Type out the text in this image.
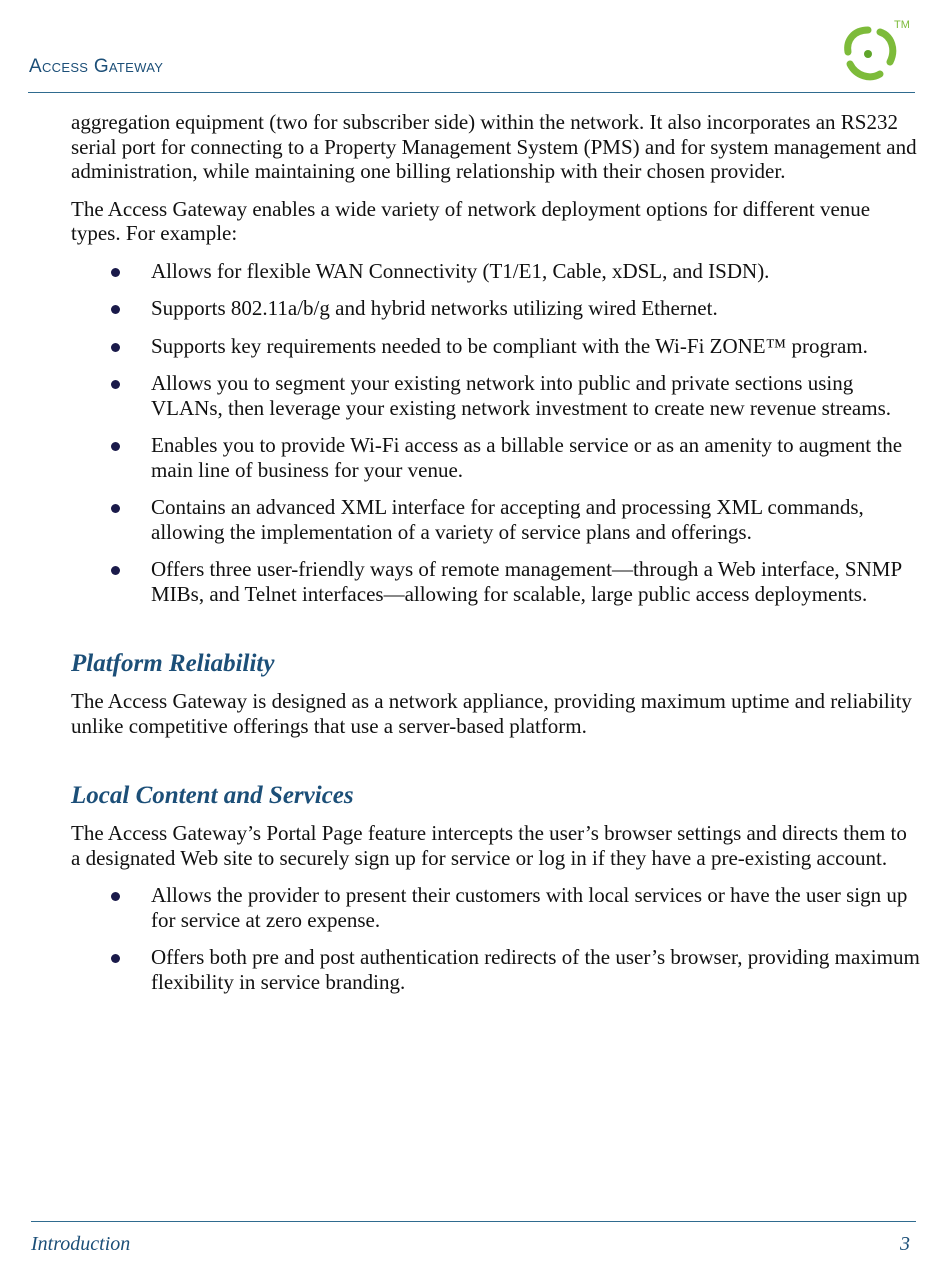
Access Gateway
TM

aggregation equipment (two for subscriber side) within the network. It also incorporates an RS232 serial port for connecting to a Property Management System (PMS) and for system management and administration, while maintaining one billing relationship with their chosen provider.

The Access Gateway enables a wide variety of network deployment options for different venue types. For example:

Allows for flexible WAN Connectivity (T1/E1, Cable, xDSL, and ISDN).
Supports 802.11a/b/g and hybrid networks utilizing wired Ethernet.
Supports key requirements needed to be compliant with the Wi-Fi ZONE™ program.
Allows you to segment your existing network into public and private sections using VLANs, then leverage your existing network investment to create new revenue streams.
Enables you to provide Wi-Fi access as a billable service or as an amenity to augment the main line of business for your venue.
Contains an advanced XML interface for accepting and processing XML commands, allowing the implementation of a variety of service plans and offerings.
Offers three user-friendly ways of remote management—through a Web interface, SNMP MIBs, and Telnet interfaces—allowing for scalable, large public access deployments.
Platform Reliability

The Access Gateway is designed as a network appliance, providing maximum uptime and reliability unlike competitive offerings that use a server-based platform.

Local Content and Services

The Access Gateway’s Portal Page feature intercepts the user’s browser settings and directs them to a designated Web site to securely sign up for service or log in if they have a pre-existing account.

Allows the provider to present their customers with local services or have the user sign up for service at zero expense.
Offers both pre and post authentication redirects of the user’s browser, providing maximum flexibility in service branding.
Introduction	3
